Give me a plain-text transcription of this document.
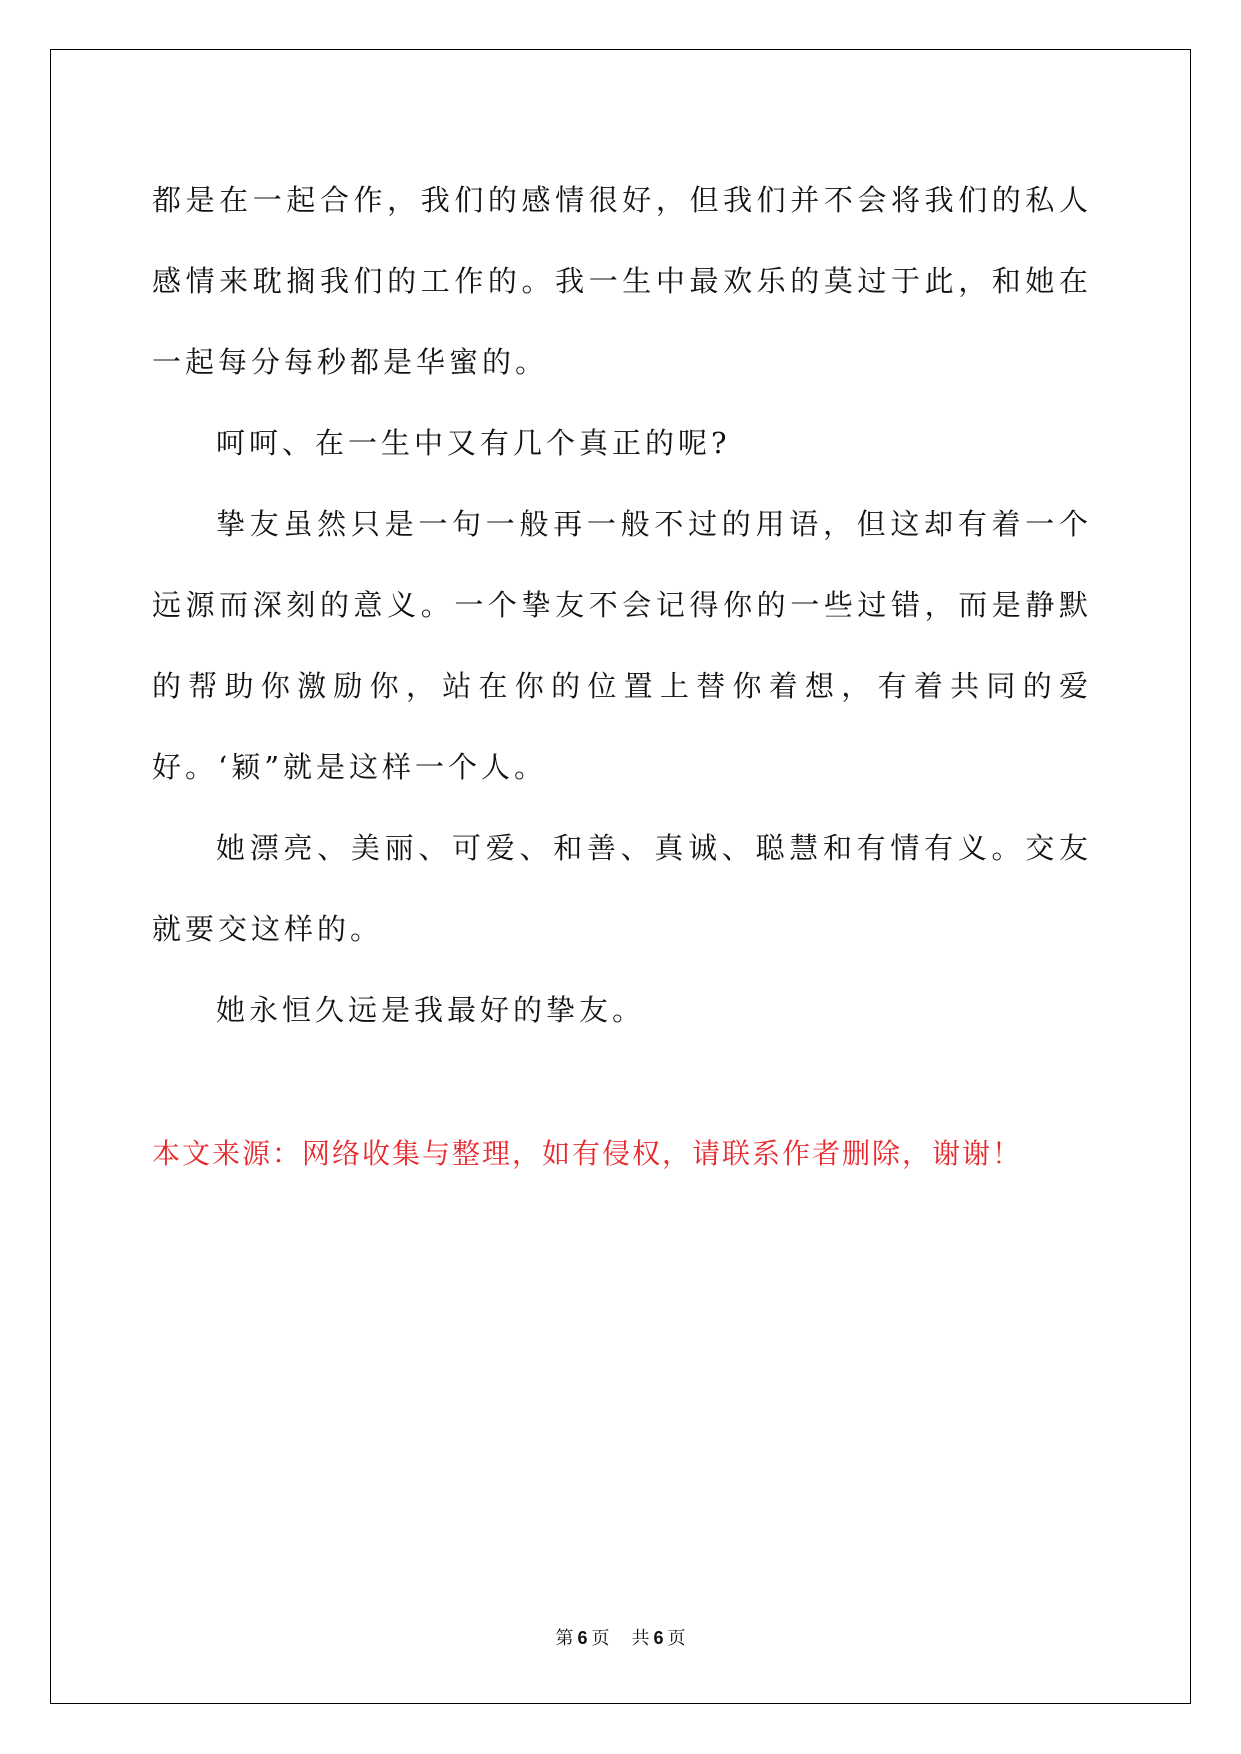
都是在一起合作，我们的感情很好，但我们并不会将我们的私人感情来耽搁我们的工作的。我一生中最欢乐的莫过于此，和她在一起每分每秒都是华蜜的。

呵呵、在一生中又有几个真正的呢?

挚友虽然只是一句一般再一般不过的用语，但这却有着一个远源而深刻的意义。一个挚友不会记得你的一些过错，而是静默的帮助你激励你，站在你的位置上替你着想，有着共同的爱好。‘颖”就是这样一个人。

她漂亮、美丽、可爱、和善、真诚、聪慧和有情有义。交友就要交这样的。

她永恒久远是我最好的挚友。

本文来源：网络收集与整理，如有侵权，请联系作者删除，谢谢！

第 6 页 共 6 页
